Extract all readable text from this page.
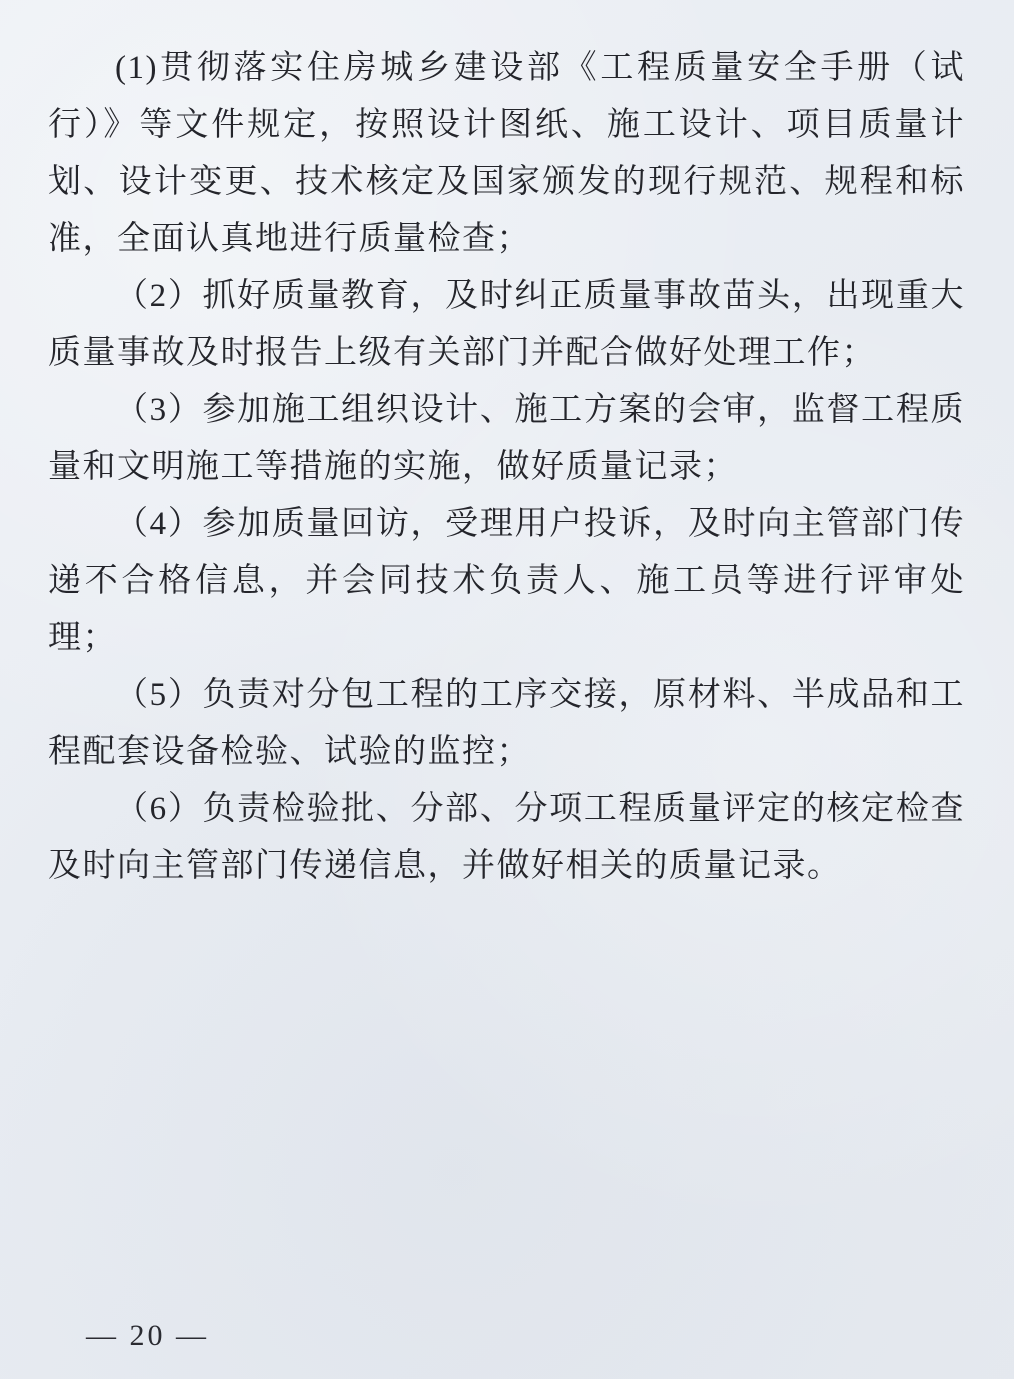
(1)贯彻落实住房城乡建设部《工程质量安全手册（试行）》等文件规定，按照设计图纸、施工设计、项目质量计划、设计变更、技术核定及国家颁发的现行规范、规程和标准，全面认真地进行质量检查；

（2）抓好质量教育，及时纠正质量事故苗头，出现重大质量事故及时报告上级有关部门并配合做好处理工作；

（3）参加施工组织设计、施工方案的会审，监督工程质量和文明施工等措施的实施，做好质量记录；

（4）参加质量回访，受理用户投诉，及时向主管部门传递不合格信息，并会同技术负责人、施工员等进行评审处理；

（5）负责对分包工程的工序交接，原材料、半成品和工程配套设备检验、试验的监控；

（6）负责检验批、分部、分项工程质量评定的核定检查及时向主管部门传递信息，并做好相关的质量记录。

— 20 —
